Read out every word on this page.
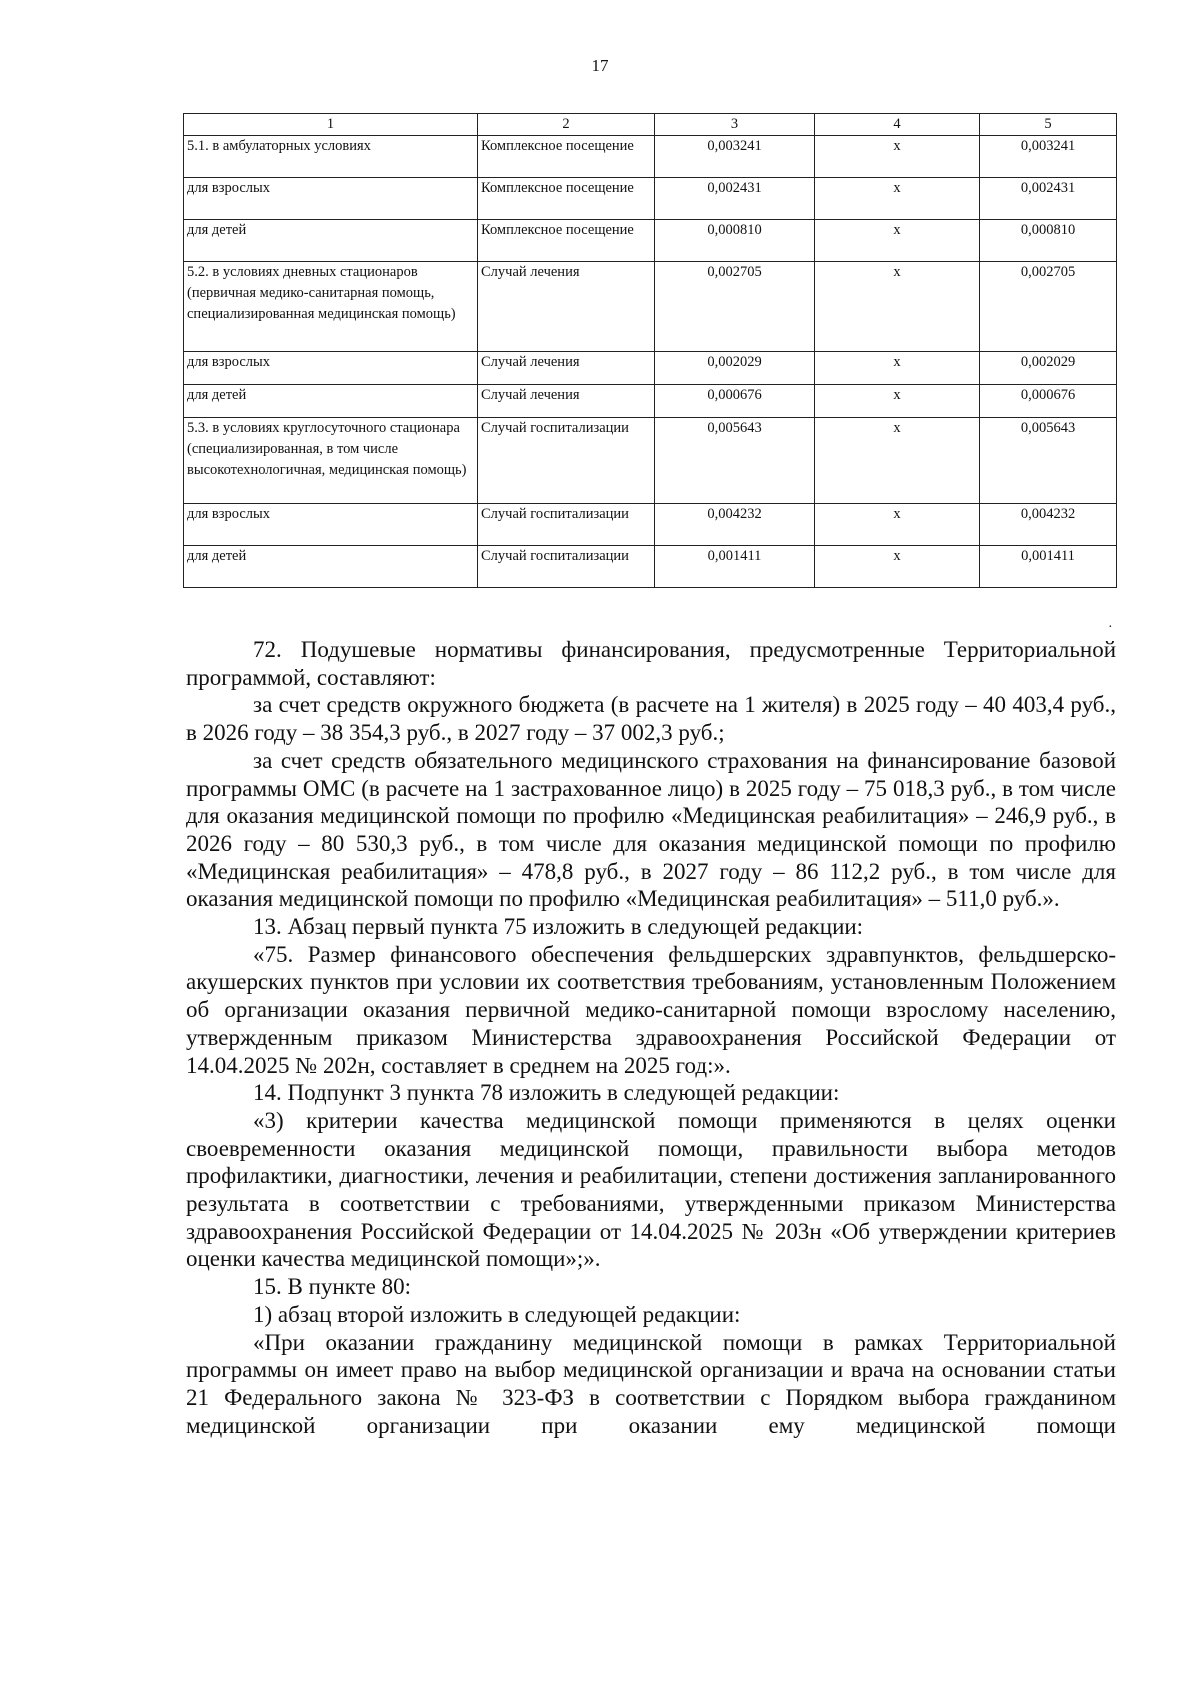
17
1	2	3	4	5
5.1. в амбулаторных условиях	Комплексное посещение	0,003241	х	0,003241
для взрослых	Комплексное посещение	0,002431	х	0,002431
для детей	Комплексное посещение	0,000810	х	0,000810
5.2. в условиях дневных стационаров (первичная медико-санитарная помощь, специализированная медицинская помощь)	Случай лечения	0,002705	х	0,002705
для взрослых	Случай лечения	0,002029	х	0,002029
для детей	Случай лечения	0,000676	х	0,000676
5.3. в условиях круглосуточного стационара (специализированная, в том числе высокотехнологичная, медицинская помощь)	Случай госпитализации	0,005643	х	0,005643
для взрослых	Случай госпитализации	0,004232	х	0,004232
для детей	Случай госпитализации	0,001411	х	0,001411
·

72. Подушевые нормативы финансирования, предусмотренные Территориальной программой, составляют:

за счет средств окружного бюджета (в расчете на 1 жителя) в 2025 году – 40 403,4 руб., в 2026 году – 38 354,3 руб., в 2027 году – 37 002,3 руб.;

за счет средств обязательного медицинского страхования на финансирование базовой программы ОМС (в расчете на 1 застрахованное лицо) в 2025 году – 75 018,3 руб., в том числе для оказания медицинской помощи по профилю «Медицинская реабилитация» – 246,9 руб., в 2026 году – 80 530,3 руб., в том числе для оказания медицинской помощи по профилю «Медицинская реабилитация» – 478,8 руб., в 2027 году – 86 112,2 руб., в том числе для оказания медицинской помощи по профилю «Медицинская реабилитация» – 511,0 руб.».

13. Абзац первый пункта 75 изложить в следующей редакции:

«75. Размер финансового обеспечения фельдшерских здравпунктов, фельдшерско-акушерских пунктов при условии их соответствия требованиям, установленным Положением об организации оказания первичной медико-санитарной помощи взрослому населению, утвержденным приказом Министерства здравоохранения Российской Федерации от 14.04.2025 № 202н, составляет в среднем на 2025 год:».

14. Подпункт 3 пункта 78 изложить в следующей редакции:

«3) критерии качества медицинской помощи применяются в целях оценки своевременности оказания медицинской помощи, правильности выбора методов профилактики, диагностики, лечения и реабилитации, степени достижения запланированного результата в соответствии с требованиями, утвержденными приказом Министерства здравоохранения Российской Федерации от 14.04.2025 № 203н «Об утверждении критериев оценки качества медицинской помощи»;».

15. В пункте 80:

1) абзац второй изложить в следующей редакции:

«При оказании гражданину медицинской помощи в рамках Территориальной программы он имеет право на выбор медицинской организации и врача на основании статьи 21 Федерального закона № 323-ФЗ в соответствии с Порядком выбора гражданином медицинской организации при оказании ему медицинской помощи
